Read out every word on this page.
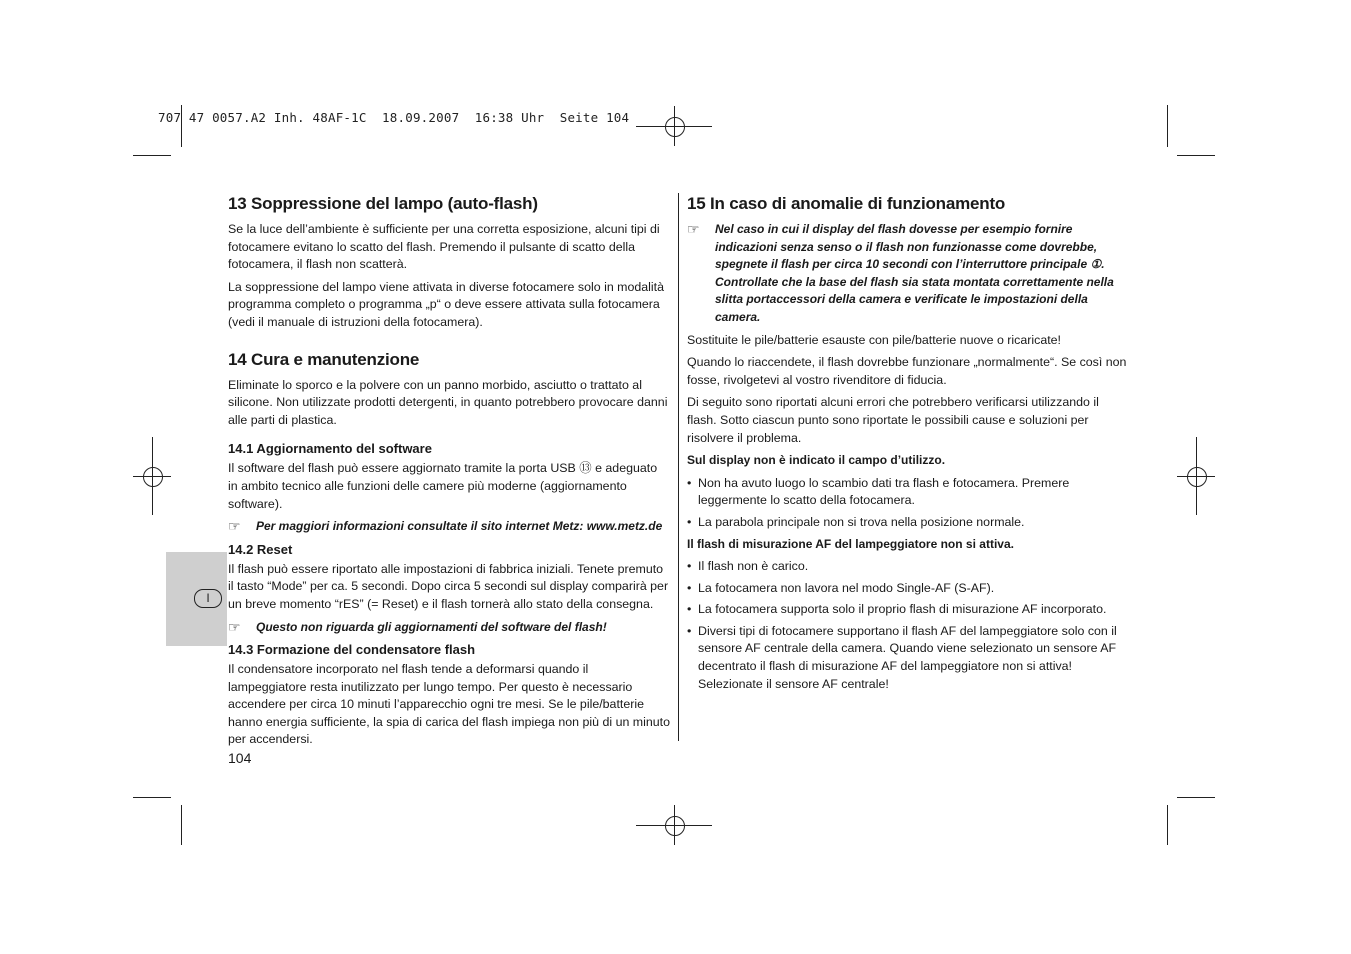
707 47 0057.A2 Inh. 48AF-1C  18.09.2007  16:38 Uhr  Seite 104
I
13 Soppressione del lampo (auto-flash)

Se la luce dell’ambiente è sufficiente per una corretta esposizione, alcuni tipi di fotocamere evitano lo scatto del flash. Premendo il pulsante di scatto della fotocamera, il flash non scatterà.

La soppressione del lampo viene attivata in diverse fotocamere solo in modalità programma completo o programma „p“ o deve essere attivata sulla fotocamera (vedi il manuale di istruzioni della fotocamera).

14 Cura e manutenzione

Eliminate lo sporco e la polvere con un panno morbido, asciutto o trattato al silicone. Non utilizzate prodotti detergenti, in quanto potrebbero provocare danni alle parti di plastica.

14.1 Aggiornamento del software

Il software del flash può essere aggiornato tramite la porta USB ⑬ e adeguato in ambito tecnico alle funzioni delle camere più moderne (aggiornamento software).

☞ Per maggiori informazioni consultate il sito internet Metz: www.metz.de
14.2 Reset

Il flash può essere riportato alle impostazioni di fabbrica iniziali. Tenete premuto il tasto “Mode” per ca. 5 secondi. Dopo circa 5 secondi sul display comparirà per un breve momento “rES” (= Reset) e il flash tornerà allo stato della consegna.

☞ Questo non riguarda gli aggiornamenti del software del flash!
14.3 Formazione del condensatore flash

Il condensatore incorporato nel flash tende a deformarsi quando il lampeggiatore resta inutilizzato per lungo tempo. Per questo è necessario accendere per circa 10 minuti l’apparecchio ogni tre mesi. Se le pile/batterie hanno energia sufficiente, la spia di carica del flash impiega non più di un minuto per accendersi.

15 In caso di anomalie di funzionamento
☞ Nel caso in cui il display del flash dovesse per esempio fornire indicazioni senza senso o il flash non funzionasse come dovrebbe, spegnete il flash per circa 10 secondi con l’interruttore principale ①. Controllate che la base del flash sia stata montata correttamente nella slitta portaccessori della camera e verificate le impostazioni della camera.

Sostituite le pile/batterie esauste con pile/batterie nuove o ricaricate!

Quando lo riaccendete, il flash dovrebbe funzionare „normalmente“. Se così non fosse, rivolgetevi al vostro rivenditore di fiducia.

Di seguito sono riportati alcuni errori che potrebbero verificarsi utilizzando il flash. Sotto ciascun punto sono riportate le possibili cause e soluzioni per risolvere il problema.

Sul display non è indicato il campo d’utilizzo.
• Non ha avuto luogo lo scambio dati tra flash e fotocamera. Premere leggermente lo scatto della fotocamera.
• La parabola principale non si trova nella posizione normale.
Il flash di misurazione AF del lampeggiatore non si attiva.
• Il flash non è carico.
• La fotocamera non lavora nel modo Single-AF (S-AF).
• La fotocamera supporta solo il proprio flash di misurazione AF incorporato.
• Diversi tipi di fotocamere supportano il flash AF del lampeggiatore solo con il sensore AF centrale della camera. Quando viene selezionato un sensore AF decentrato il flash di misurazione AF del lampeggiatore non si attiva! Selezionate il sensore AF centrale!
104
